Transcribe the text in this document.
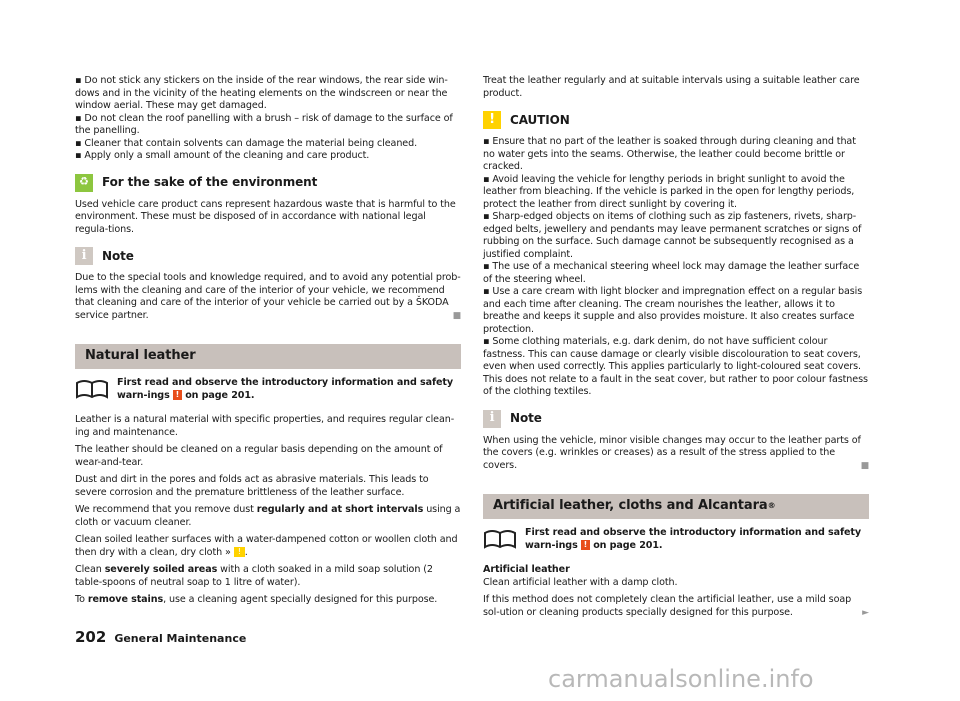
▪ Do not stick any stickers on the inside of the rear windows, the rear side win-dows and in the vicinity of the heating elements on the windscreen or near the window aerial. These may get damaged.

▪ Do not clean the roof panelling with a brush – risk of damage to the surface of the panelling.

▪ Cleaner that contain solvents can damage the material being cleaned.

▪ Apply only a small amount of the cleaning and care product.

♻	For the sake of the environment

Used vehicle care product cans represent hazardous waste that is harmful to the environment. These must be disposed of in accordance with national legal regula-tions.

i	Note

Due to the special tools and knowledge required, and to avoid any potential prob-lems with the cleaning and care of the interior of your vehicle, we recommend that cleaning and care of the interior of your vehicle be carried out by a ŠKODA service partner.	■

Natural leather
First read and observe the introductory information and safety warn-ings ! on page 201.

Leather is a natural material with specific properties, and requires regular clean-ing and maintenance.

The leather should be cleaned on a regular basis depending on the amount of wear-and-tear.

Dust and dirt in the pores and folds act as abrasive materials. This leads to severe corrosion and the premature brittleness of the leather surface.

We recommend that you remove dust regularly and at short intervals using a cloth or vacuum cleaner.

Clean soiled leather surfaces with a water-dampened cotton or woollen cloth and then dry with a clean, dry cloth » ! .

Clean severely soiled areas with a cloth soaked in a mild soap solution (2 table-spoons of neutral soap to 1 litre of water).

To remove stains, use a cleaning agent specially designed for this purpose.

Treat the leather regularly and at suitable intervals using a suitable leather care product.

!	CAUTION

▪ Ensure that no part of the leather is soaked through during cleaning and that no water gets into the seams. Otherwise, the leather could become brittle or cracked.

▪ Avoid leaving the vehicle for lengthy periods in bright sunlight to avoid the leather from bleaching. If the vehicle is parked in the open for lengthy periods, protect the leather from direct sunlight by covering it.

▪ Sharp-edged objects on items of clothing such as zip fasteners, rivets, sharp-edged belts, jewellery and pendants may leave permanent scratches or signs of rubbing on the surface. Such damage cannot be subsequently recognised as a justified complaint.

▪ The use of a mechanical steering wheel lock may damage the leather surface of the steering wheel.

▪ Use a care cream with light blocker and impregnation effect on a regular basis and each time after cleaning. The cream nourishes the leather, allows it to breathe and keeps it supple and also provides moisture. It also creates surface protection.

▪ Some clothing materials, e.g. dark denim, do not have sufficient colour fastness. This can cause damage or clearly visible discolouration to seat covers, even when used correctly. This applies particularly to light-coloured seat covers. This does not relate to a fault in the seat cover, but rather to poor colour fastness of the clothing textiles.

i	Note

When using the vehicle, minor visible changes may occur to the leather parts of the covers (e.g. wrinkles or creases) as a result of the stress applied to the covers.	■

Artificial leather, cloths and Alcantara ®
First read and observe the introductory information and safety warn-ings ! on page 201.

Artificial leather

Clean artificial leather with a damp cloth.

If this method does not completely clean the artificial leather, use a mild soap sol-ution or cleaning products specially designed for this purpose.	►

202 General Maintenance
carmanualsonline.info
